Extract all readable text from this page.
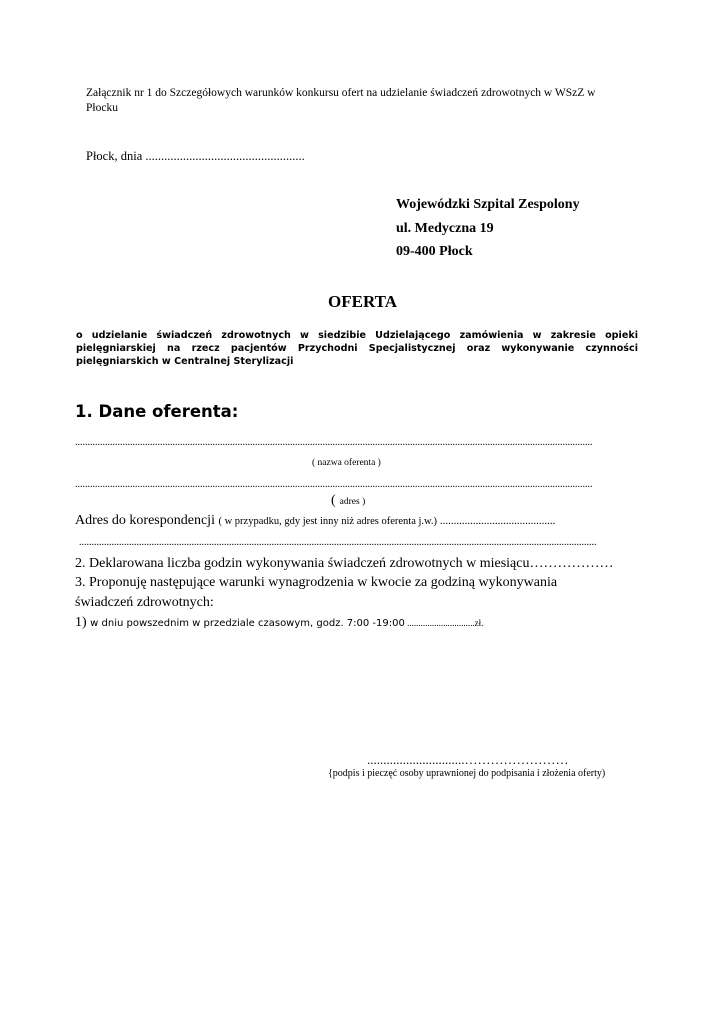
Załącznik nr 1 do Szczegółowych warunków konkursu ofert na udzielanie świadczeń zdrowotnych w WSzZ w Płocku
Płock, dnia ...................................................
Wojewódzki Szpital Zespolony
ul. Medyczna 19
09-400 Płock
OFERTA
o udzielanie świadczeń zdrowotnych w siedzibie Udzielającego zamówienia w zakresie opieki pielęgniarskiej na rzecz pacjentów Przychodni Specjalistycznej oraz wykonywanie czynności pielęgniarskich w Centralnej Sterylizacji
1. Dane oferenta:
...............................................................................................................................................................................................................
( nazwa oferenta )
...............................................................................................................................................................................................................
( adres )
Adres do korespondencji ( w przypadku, gdy jest inny niż adres oferenta j.w.) ..........................................
...............................................................................................................................................................................................................
2. Deklarowana liczba godzin wykonywania świadczeń zdrowotnych w miesiącu………………
3. Proponuję następujące warunki wynagrodzenia w kwocie za godziną wykonywania
świadczeń zdrowotnych:
1) w dniu powszednim w przedziale czasowym, godz. 7:00 -19:00 ..............................zł.
..............................……………………
{podpis i pieczęć osoby uprawnionej do podpisania i złożenia oferty)
